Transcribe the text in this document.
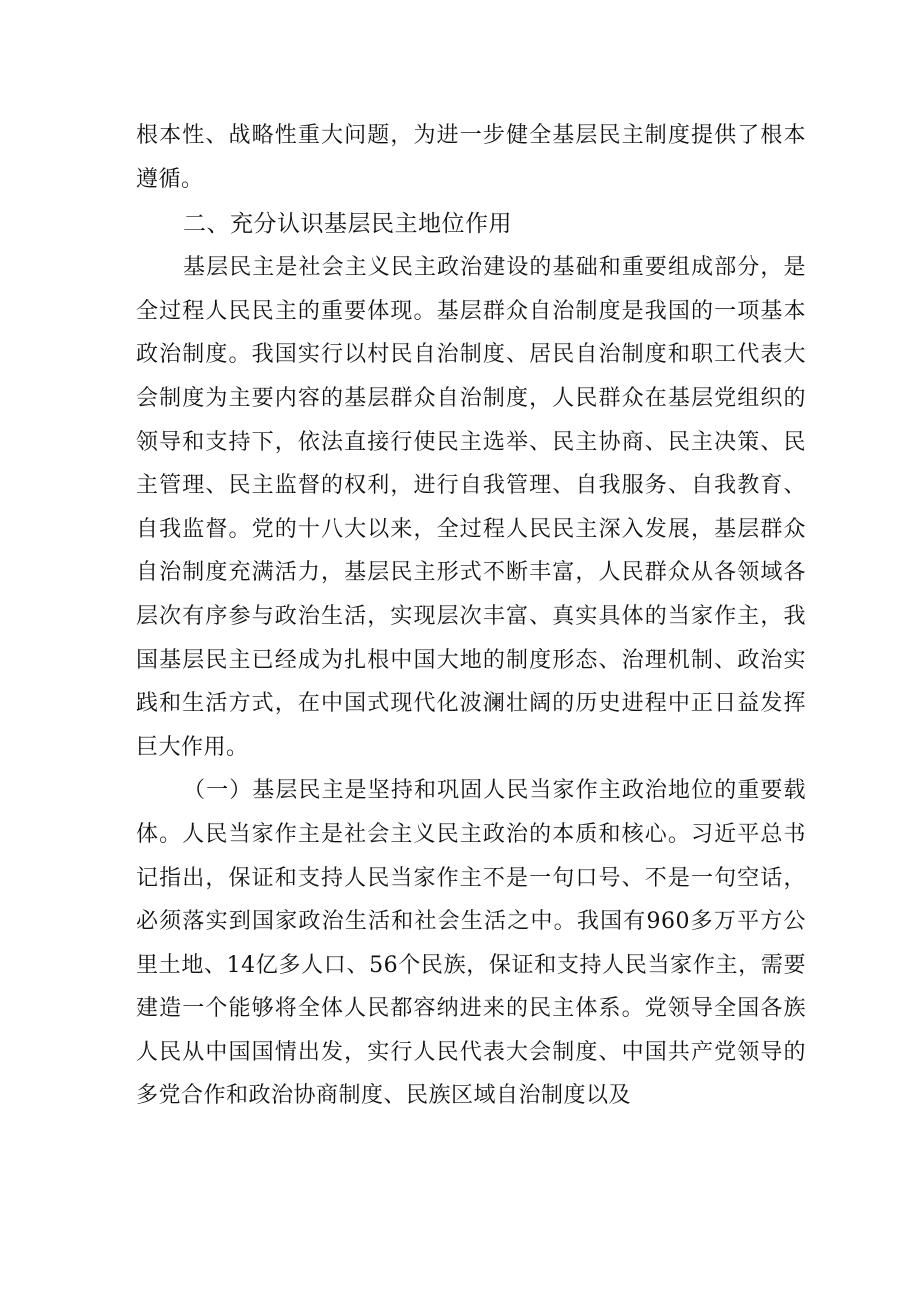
根本性、战略性重大问题，为进一步健全基层民主制度提供了根本遵循。

二、充分认识基层民主地位作用

基层民主是社会主义民主政治建设的基础和重要组成部分，是全过程人民民主的重要体现。基层群众自治制度是我国的一项基本政治制度。我国实行以村民自治制度、居民自治制度和职工代表大会制度为主要内容的基层群众自治制度，人民群众在基层党组织的领导和支持下，依法直接行使民主选举、民主协商、民主决策、民主管理、民主监督的权利，进行自我管理、自我服务、自我教育、自我监督。党的十八大以来，全过程人民民主深入发展，基层群众自治制度充满活力，基层民主形式不断丰富，人民群众从各领域各层次有序参与政治生活，实现层次丰富、真实具体的当家作主，我国基层民主已经成为扎根中国大地的制度形态、治理机制、政治实践和生活方式，在中国式现代化波澜壮阔的历史进程中正日益发挥巨大作用。

（一）基层民主是坚持和巩固人民当家作主政治地位的重要载体。人民当家作主是社会主义民主政治的本质和核心。习近平总书记指出，保证和支持人民当家作主不是一句口号、不是一句空话，必须落实到国家政治生活和社会生活之中。我国有960多万平方公里土地、14亿多人口、56个民族，保证和支持人民当家作主，需要建造一个能够将全体人民都容纳进来的民主体系。党领导全国各族人民从中国国情出发，实行人民代表大会制度、中国共产党领导的多党合作和政治协商制度、民族区域自治制度以及
